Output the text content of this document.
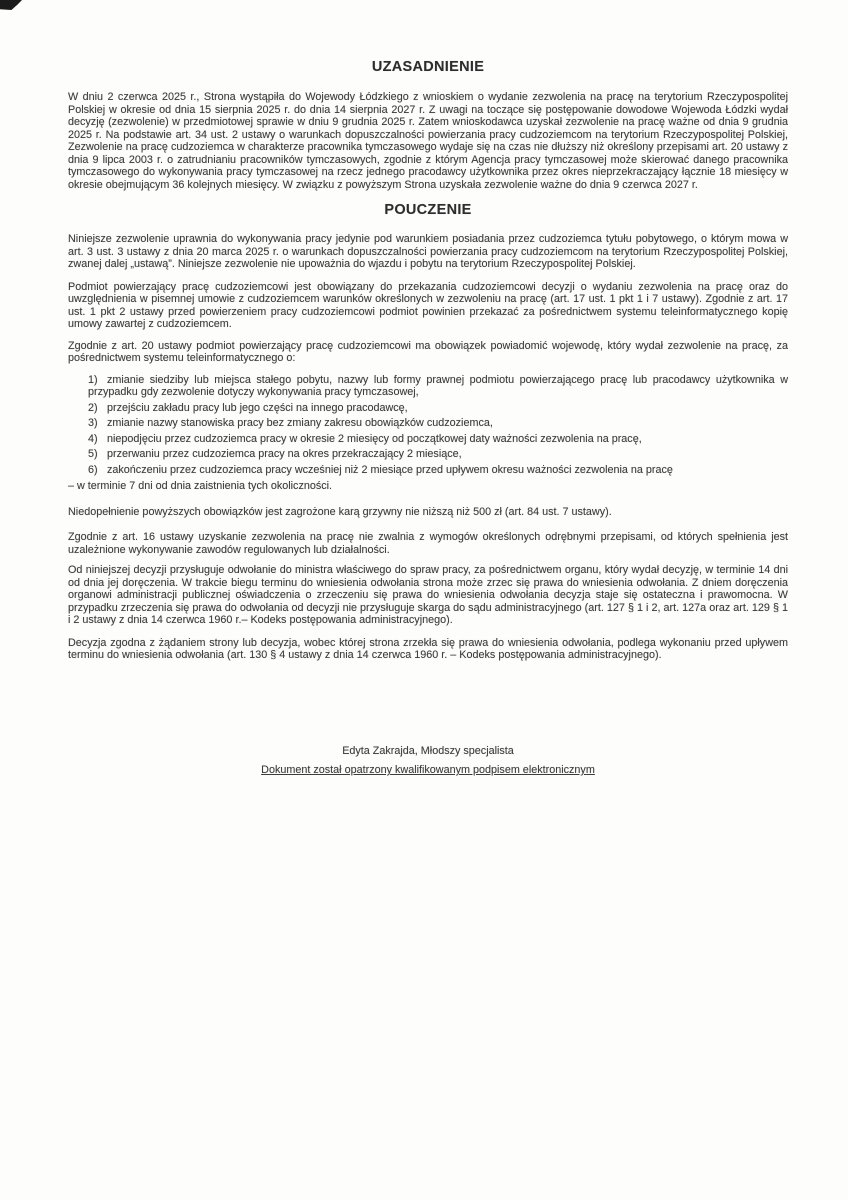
UZASADNIENIE

W dniu 2 czerwca 2025 r., Strona wystąpiła do Wojewody Łódzkiego z wnioskiem o wydanie zezwolenia na pracę na terytorium Rzeczypospolitej Polskiej w okresie od dnia 15 sierpnia 2025 r. do dnia 14 sierpnia 2027 r. Z uwagi na toczące się postępowanie dowodowe Wojewoda Łódzki wydał decyzję (zezwolenie) w przedmiotowej sprawie w dniu 9 grudnia 2025 r. Zatem wnioskodawca uzyskał zezwolenie na pracę ważne od dnia 9 grudnia 2025 r. Na podstawie art. 34 ust. 2 ustawy o warunkach dopuszczalności powierzania pracy cudzoziemcom na terytorium Rzeczypospolitej Polskiej, Zezwolenie na pracę cudzoziemca w charakterze pracownika tymczasowego wydaje się na czas nie dłuższy niż określony przepisami art. 20 ustawy z dnia 9 lipca 2003 r. o zatrudnianiu pracowników tymczasowych, zgodnie z którym Agencja pracy tymczasowej może skierować danego pracownika tymczasowego do wykonywania pracy tymczasowej na rzecz jednego pracodawcy użytkownika przez okres nieprzekraczający łącznie 18 miesięcy w okresie obejmującym 36 kolejnych miesięcy. W związku z powyższym Strona uzyskała zezwolenie ważne do dnia 9 czerwca 2027 r.

POUCZENIE

Niniejsze zezwolenie uprawnia do wykonywania pracy jedynie pod warunkiem posiadania przez cudzoziemca tytułu pobytowego, o którym mowa w art. 3 ust. 3 ustawy z dnia 20 marca 2025 r. o warunkach dopuszczalności powierzania pracy cudzoziemcom na terytorium Rzeczypospolitej Polskiej, zwanej dalej „ustawą”. Niniejsze zezwolenie nie upoważnia do wjazdu i pobytu na terytorium Rzeczypospolitej Polskiej.

Podmiot powierzający pracę cudzoziemcowi jest obowiązany do przekazania cudzoziemcowi decyzji o wydaniu zezwolenia na pracę oraz do uwzględnienia w pisemnej umowie z cudzoziemcem warunków określonych w zezwoleniu na pracę (art. 17 ust. 1 pkt 1 i 7 ustawy). Zgodnie z art. 17 ust. 1 pkt 2 ustawy przed powierzeniem pracy cudzoziemcowi podmiot powinien przekazać za pośrednictwem systemu teleinformatycznego kopię umowy zawartej z cudzoziemcem.

Zgodnie z art. 20 ustawy podmiot powierzający pracę cudzoziemcowi ma obowiązek powiadomić wojewodę, który wydał zezwolenie na pracę, za pośrednictwem systemu teleinformatycznego o:

1) zmianie siedziby lub miejsca stałego pobytu, nazwy lub formy prawnej podmiotu powierzającego pracę lub pracodawcy użytkownika w przypadku gdy zezwolenie dotyczy wykonywania pracy tymczasowej,
2) przejściu zakładu pracy lub jego części na innego pracodawcę,
3) zmianie nazwy stanowiska pracy bez zmiany zakresu obowiązków cudzoziemca,
4) niepodjęciu przez cudzoziemca pracy w okresie 2 miesięcy od początkowej daty ważności zezwolenia na pracę,
5) przerwaniu przez cudzoziemca pracy na okres przekraczający 2 miesiące,
6) zakończeniu przez cudzoziemca pracy wcześniej niż 2 miesiące przed upływem okresu ważności zezwolenia na pracę

– w terminie 7 dni od dnia zaistnienia tych okoliczności.

Niedopełnienie powyższych obowiązków jest zagrożone karą grzywny nie niższą niż 500 zł (art. 84 ust. 7 ustawy).

Zgodnie z art. 16 ustawy uzyskanie zezwolenia na pracę nie zwalnia z wymogów określonych odrębnymi przepisami, od których spełnienia jest uzależnione wykonywanie zawodów regulowanych lub działalności.

Od niniejszej decyzji przysługuje odwołanie do ministra właściwego do spraw pracy, za pośrednictwem organu, który wydał decyzję, w terminie 14 dni od dnia jej doręczenia. W trakcie biegu terminu do wniesienia odwołania strona może zrzec się prawa do wniesienia odwołania. Z dniem doręczenia organowi administracji publicznej oświadczenia o zrzeczeniu się prawa do wniesienia odwołania decyzja staje się ostateczna i prawomocna. W przypadku zrzeczenia się prawa do odwołania od decyzji nie przysługuje skarga do sądu administracyjnego (art. 127 § 1 i 2, art. 127a oraz art. 129 § 1 i 2 ustawy z dnia 14 czerwca 1960 r.– Kodeks postępowania administracyjnego).

Decyzja zgodna z żądaniem strony lub decyzja, wobec której strona zrzekła się prawa do wniesienia odwołania, podlega wykonaniu przed upływem terminu do wniesienia odwołania (art. 130 § 4 ustawy z dnia 14 czerwca 1960 r. – Kodeks postępowania administracyjnego).

Edyta Zakrajda, Młodszy specjalista
Dokument został opatrzony kwalifikowanym podpisem elektronicznym
